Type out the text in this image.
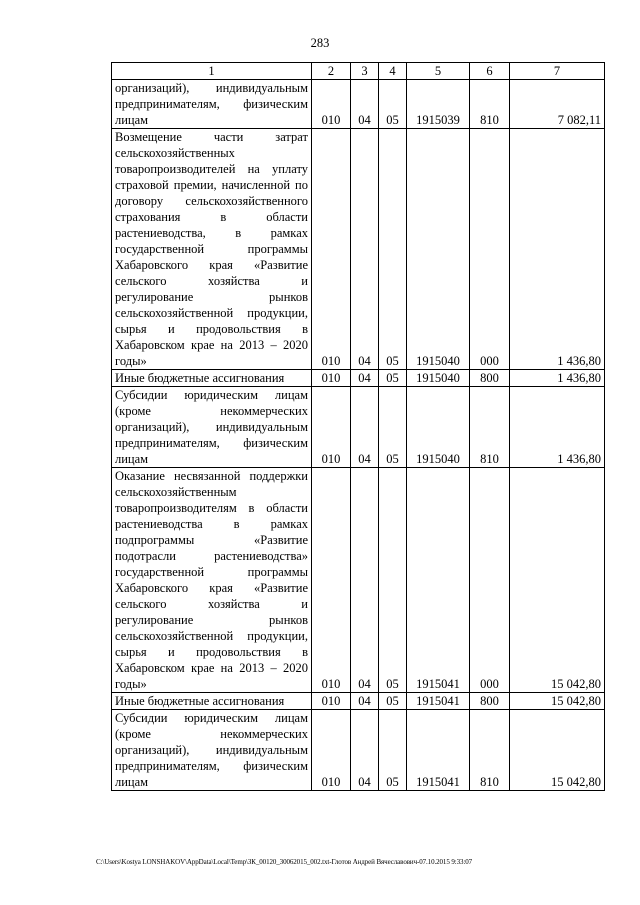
283
1	2	3	4	5	6	7
организаций), индивидуальным предпринимателям, физическим лицам	010	04	05	1915039	810	7 082,11
Возмещение части затрат сельскохозяйственных товаропроизводителей на уплату страховой премии, начисленной по договору сельскохозяйственного страхования в области растениеводства, в рамках государственной программы Хабаровского края «Развитие сельского хозяйства и регулирование рынков сельскохозяйственной продукции, сырья и продовольствия в Хабаровском крае на 2013 – 2020 годы»	010	04	05	1915040	000	1 436,80
Иные бюджетные ассигнования	010	04	05	1915040	800	1 436,80
Субсидии юридическим лицам (кроме некоммерческих организаций), индивидуальным предпринимателям, физическим лицам	010	04	05	1915040	810	1 436,80
Оказание несвязанной поддержки сельскохозяйственным товаропроизводителям в области растениеводства в рамках подпрограммы «Развитие подотрасли растениеводства» государственной программы Хабаровского края «Развитие сельского хозяйства и регулирование рынков сельскохозяйственной продукции, сырья и продовольствия в Хабаровском крае на 2013 – 2020 годы»	010	04	05	1915041	000	15 042,80
Иные бюджетные ассигнования	010	04	05	1915041	800	15 042,80
Субсидии юридическим лицам (кроме некоммерческих организаций), индивидуальным предпринимателям, физическим лицам	010	04	05	1915041	810	15 042,80
C:\Users\Kostya LONSHAKOV\AppData\Local\Temp\ЗК_00120_30062015_002.txt-Глотов Андрей Вячеславович-07.10.2015 9:33:07
